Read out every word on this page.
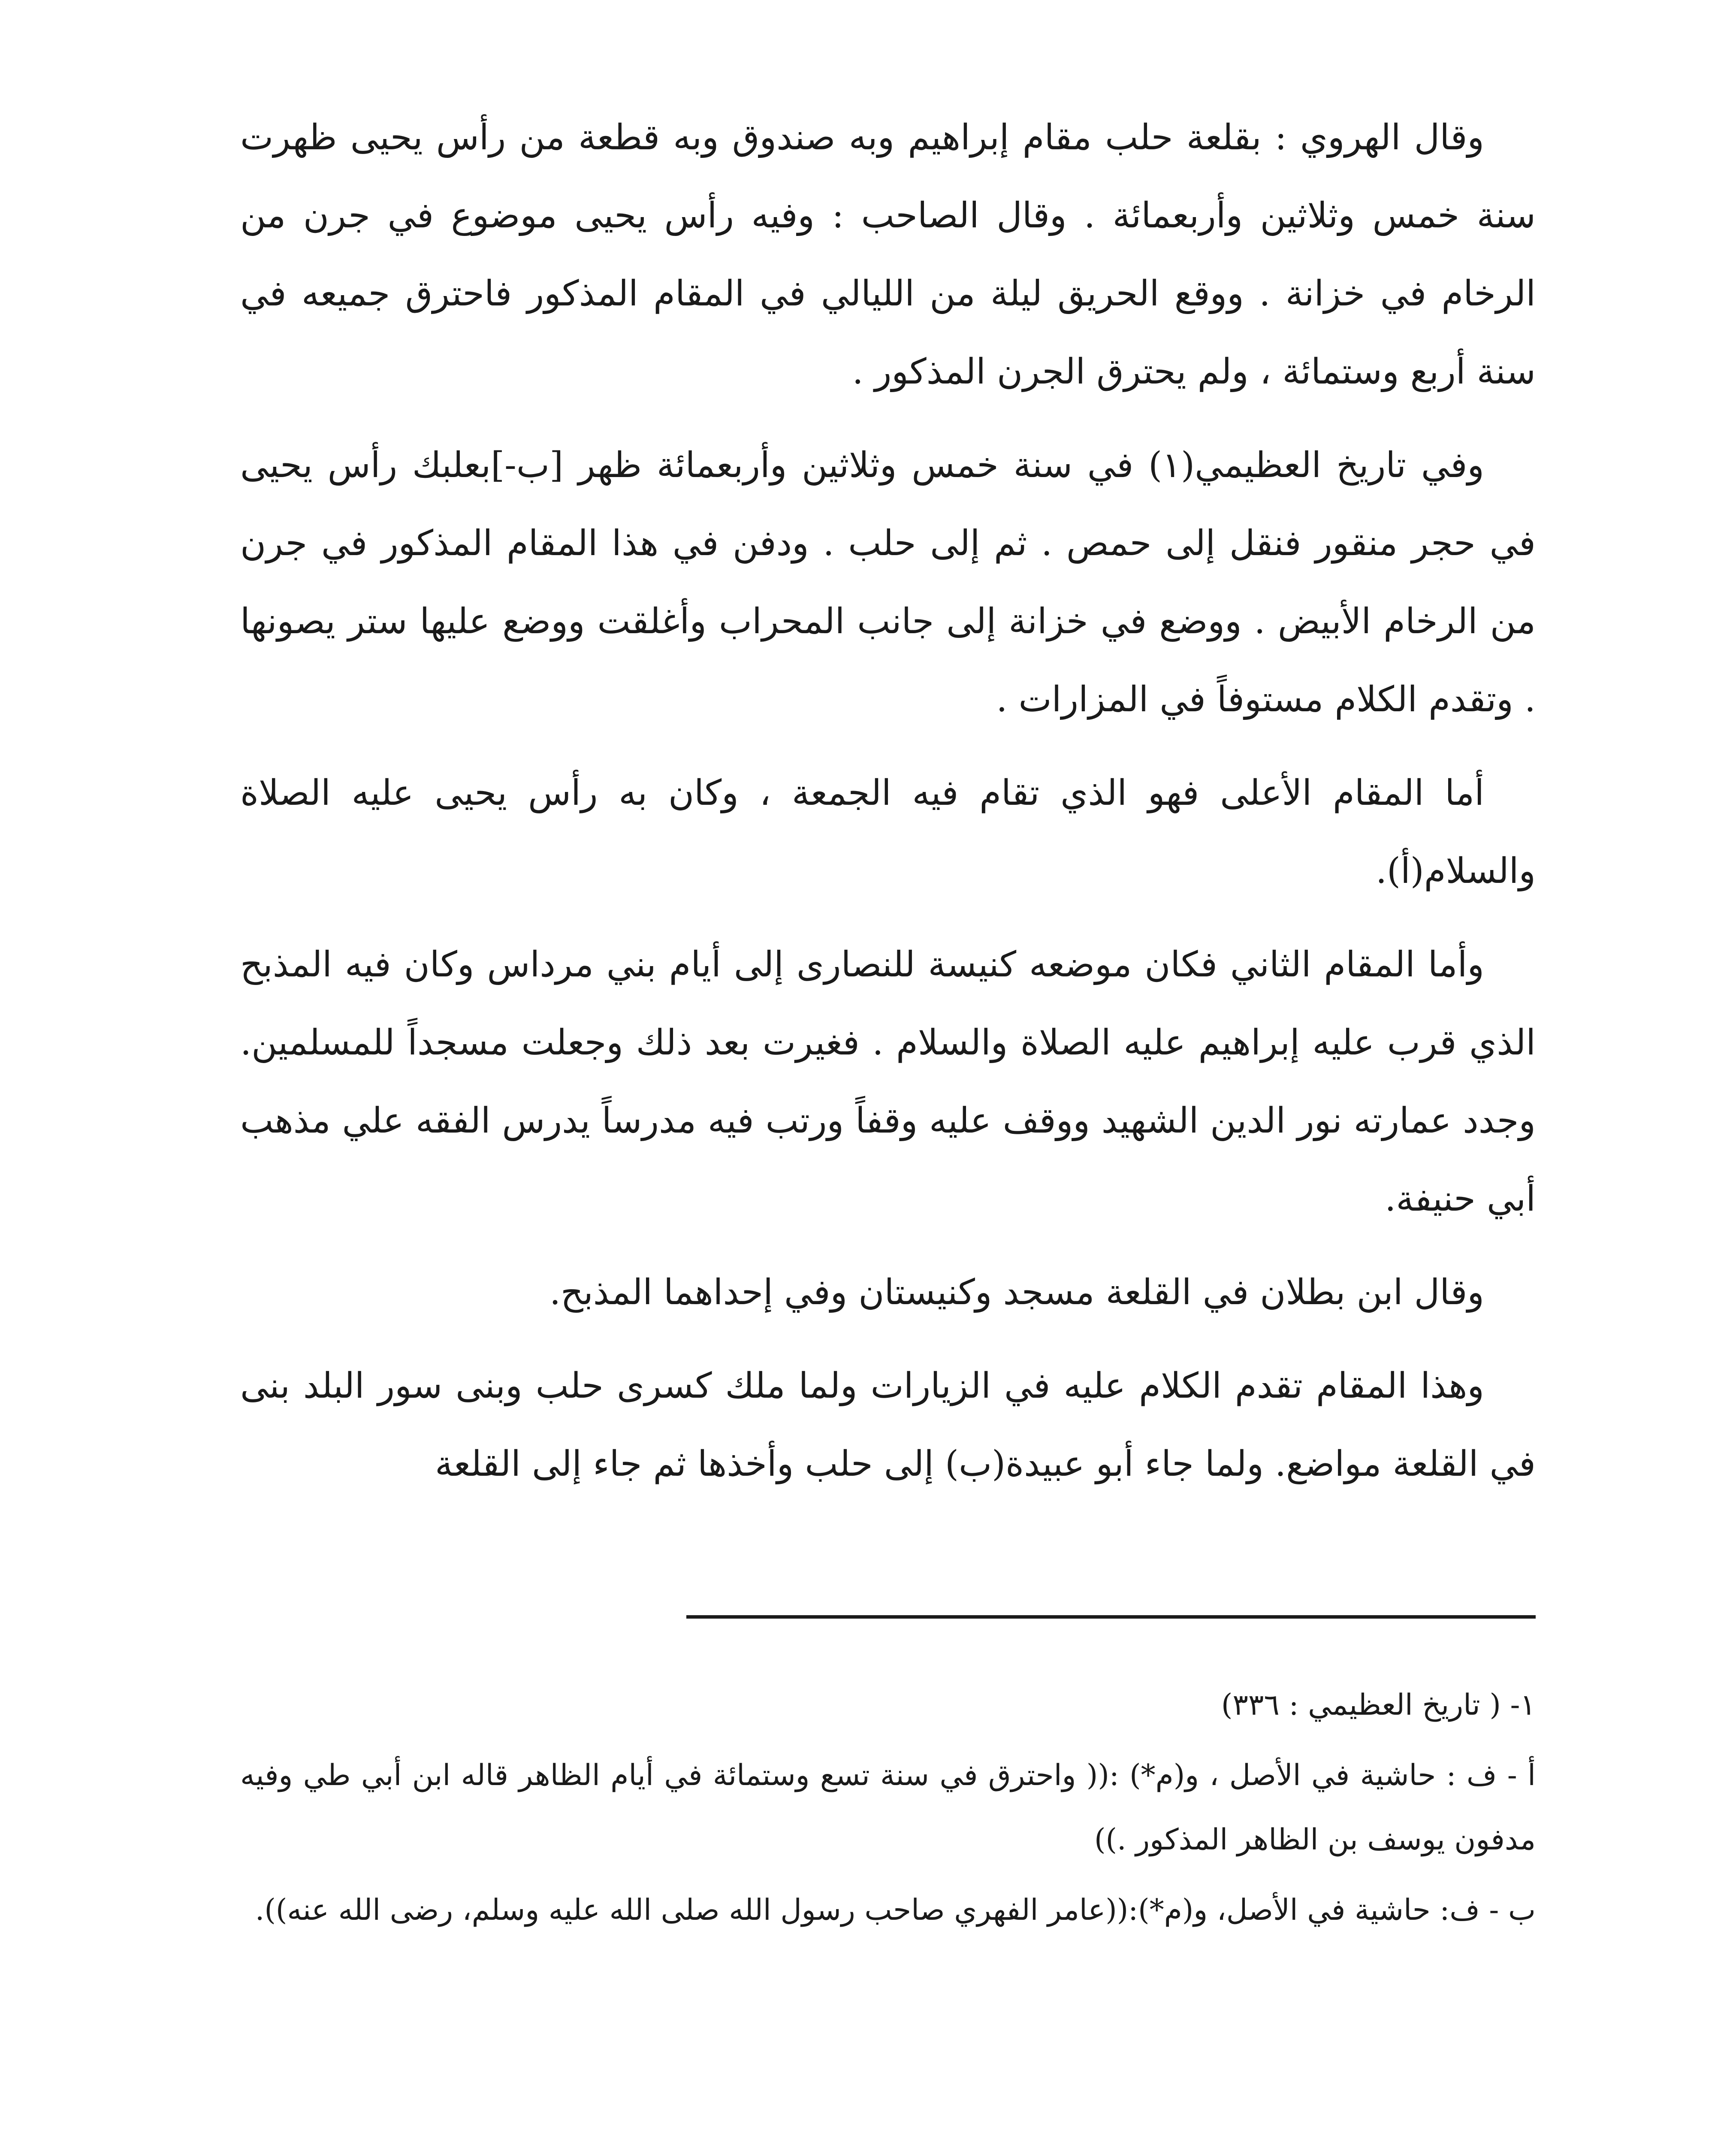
وقال الهروي : بقلعة حلب مقام إبراهيم وبه صندوق وبه قطعة من رأس يحيى ظهرت سنة خمس وثلاثين وأربعمائة . وقال الصاحب : وفيه رأس يحيى موضوع في جرن من الرخام في خزانة . ووقع الحريق ليلة من الليالي في المقام المذكور فاحترق جميعه في سنة أربع وستمائة ، ولم يحترق الجرن المذكور .

وفي تاريخ العظيمي(١) في سنة خمس وثلاثين وأربعمائة ظهر [ب-]بعلبك رأس يحيى في حجر منقور فنقل إلى حمص . ثم إلى حلب . ودفن في هذا المقام المذكور في جرن من الرخام الأبيض . ووضع في خزانة إلى جانب المحراب وأغلقت ووضع عليها ستر يصونها . وتقدم الكلام مستوفاً في المزارات .

أما المقام الأعلى فهو الذي تقام فيه الجمعة ، وكان به رأس يحيى عليه الصلاة والسلام(أ).

وأما المقام الثاني فكان موضعه كنيسة للنصارى إلى أيام بني مرداس وكان فيه المذبح الذي قرب عليه إبراهيم عليه الصلاة والسلام . فغيرت بعد ذلك وجعلت مسجداً للمسلمين. وجدد عمارته نور الدين الشهيد ووقف عليه وقفاً ورتب فيه مدرساً يدرس الفقه علي مذهب أبي حنيفة.

وقال ابن بطلان في القلعة مسجد وكنيستان وفي إحداهما المذبح.

وهذا المقام تقدم الكلام عليه في الزيارات ولما ملك كسرى حلب وبنى سور البلد بنى في القلعة مواضع. ولما جاء أبو عبيدة(ب) إلى حلب وأخذها ثم جاء إلى القلعة

١- ( تاريخ العظيمي : ٣٣٦)

أ - ف : حاشية في الأصل ، و(م*) :(( واحترق في سنة تسع وستمائة في أيام الظاهر قاله ابن أبي طي وفيه مدفون يوسف بن الظاهر المذكور .))

ب - ف: حاشية في الأصل، و(م*):((عامر الفهري صاحب رسول الله صلى الله عليه وسلم، رضى الله عنه)).
